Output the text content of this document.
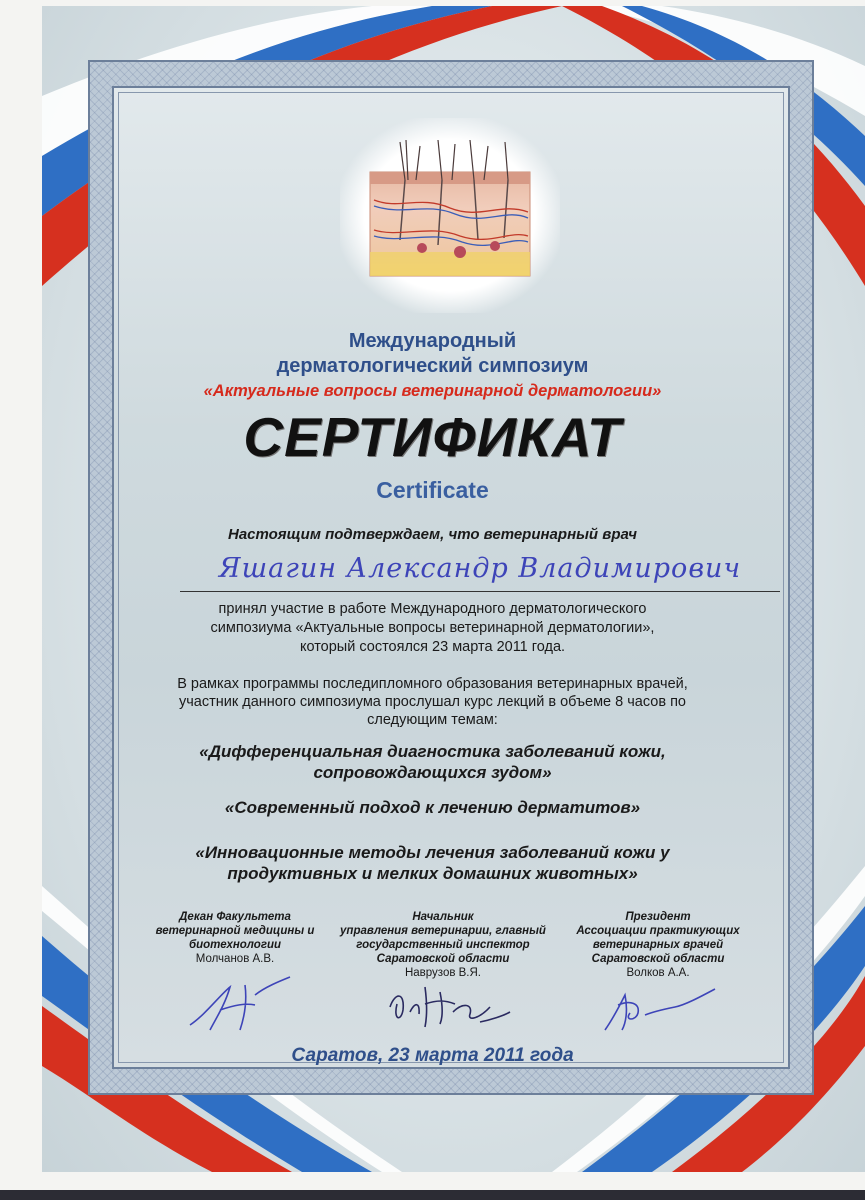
Международный
дерматологический симпозиум
«Актуальные вопросы ветеринарной дерматологии»
СЕРТИФИКАТ
Certificate
Настоящим подтверждаем, что ветеринарный врач
Яшагин Александр Владимирович
принял участие в работе Международного дерматологического
симпозиума «Актуальные вопросы ветеринарной дерматологии»,
который состоялся 23 марта 2011 года.
В рамках программы последипломного образования ветеринарных врачей,
участник данного симпозиума прослушал курс лекций в объеме 8 часов по
следующим темам:
«Дифференциальная диагностика заболеваний кожи,
сопровождающихся зудом»
«Современный подход к лечению дерматитов»
«Инновационные методы лечения заболеваний кожи у
продуктивных и мелких домашних животных»
Декан Факультета
ветеринарной медицины и
биотехнологии
Молчанов А.В.
Начальник
управления ветеринарии, главный
государственный инспектор
Саратовской области
Наврузов В.Я.
Президент
Ассоциации практикующих
ветеринарных врачей
Саратовской области
Волков А.А.
Саратов, 23 марта 2011 года
